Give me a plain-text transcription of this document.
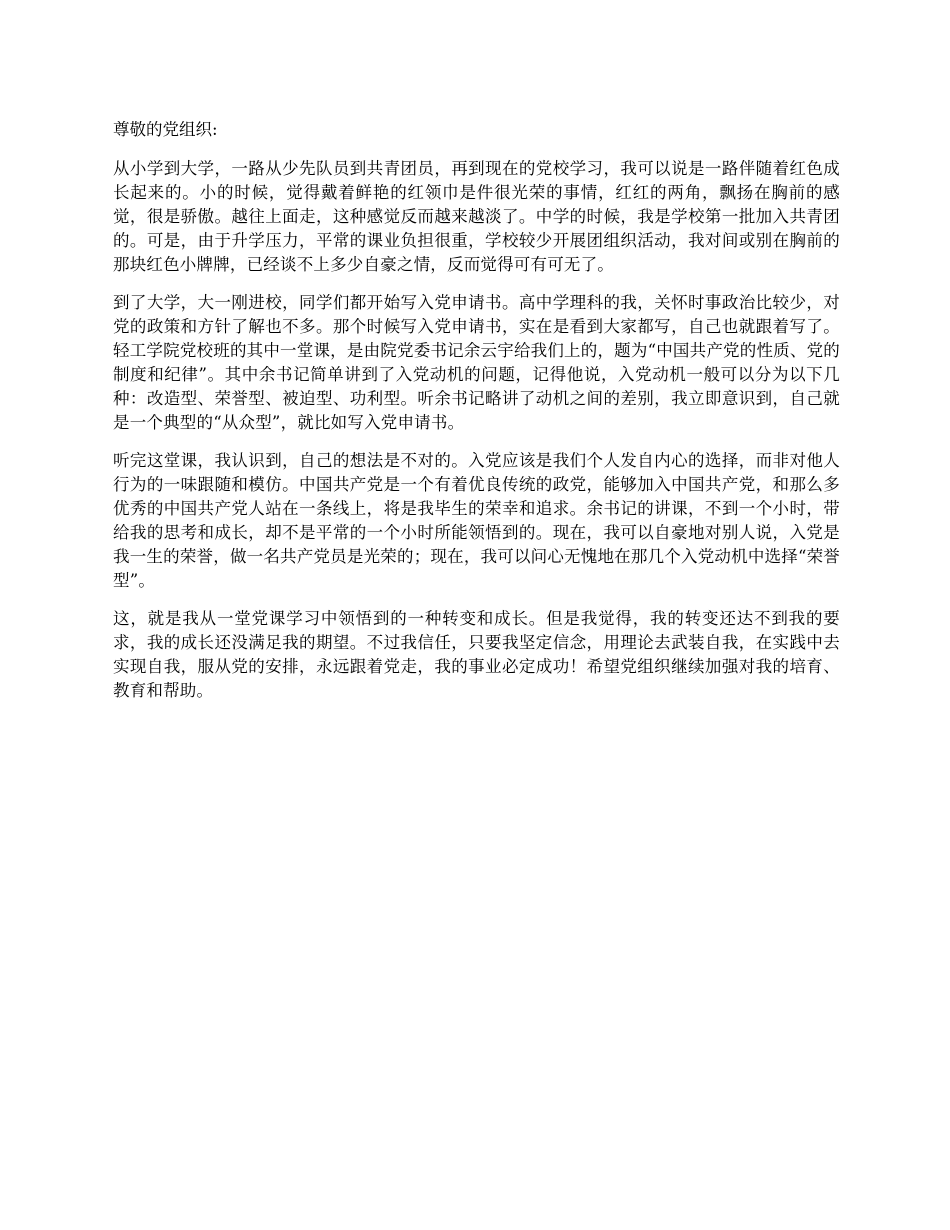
尊敬的党组织:

从小学到大学，一路从少先队员到共青团员，再到现在的党校学习，我可以说是一路伴随着红色成长起来的。小的时候，觉得戴着鲜艳的红领巾是件很光荣的事情，红红的两角，飘扬在胸前的感觉，很是骄傲。越往上面走，这种感觉反而越来越淡了。中学的时候，我是学校第一批加入共青团的。可是，由于升学压力，平常的课业负担很重，学校较少开展团组织活动，我对间或别在胸前的那块红色小牌牌，已经谈不上多少自豪之情，反而觉得可有可无了。

到了大学，大一刚进校，同学们都开始写入党申请书。高中学理科的我，关怀时事政治比较少，对党的政策和方针了解也不多。那个时候写入党申请书，实在是看到大家都写，自己也就跟着写了。轻工学院党校班的其中一堂课，是由院党委书记余云宇给我们上的，题为“中国共产党的性质、党的制度和纪律”。其中余书记简单讲到了入党动机的问题，记得他说，入党动机一般可以分为以下几种：改造型、荣誉型、被迫型、功利型。听余书记略讲了动机之间的差别，我立即意识到，自己就是一个典型的“从众型”，就比如写入党申请书。

听完这堂课，我认识到，自己的想法是不对的。入党应该是我们个人发自内心的选择，而非对他人行为的一味跟随和模仿。中国共产党是一个有着优良传统的政党，能够加入中国共产党，和那么多优秀的中国共产党人站在一条线上，将是我毕生的荣幸和追求。余书记的讲课，不到一个小时，带给我的思考和成长，却不是平常的一个小时所能领悟到的。现在，我可以自豪地对别人说，入党是我一生的荣誉，做一名共产党员是光荣的；现在，我可以问心无愧地在那几个入党动机中选择“荣誉型”。

这，就是我从一堂党课学习中领悟到的一种转变和成长。但是我觉得，我的转变还达不到我的要求，我的成长还没满足我的期望。不过我信任，只要我坚定信念，用理论去武装自我，在实践中去实现自我，服从党的安排，永远跟着党走，我的事业必定成功！希望党组织继续加强对我的培育、教育和帮助。
